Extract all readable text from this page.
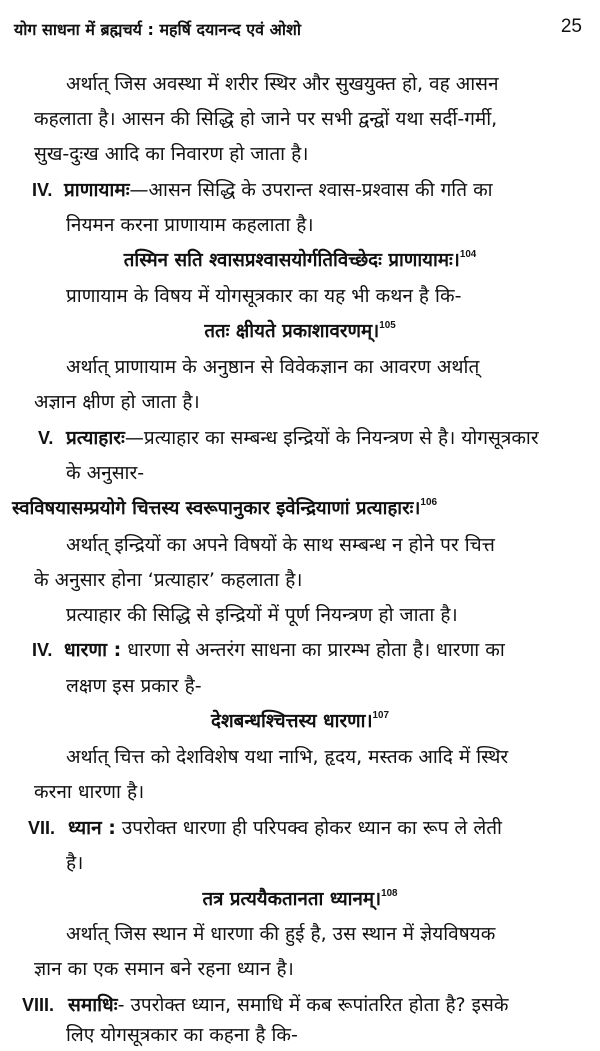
योग साधना में ब्रह्मचर्य : महर्षि दयानन्द एवं ओशो	25
अर्थात् जिस अवस्था में शरीर स्थिर और सुखयुक्त हो, वह आसन
कहलाता है। आसन की सिद्धि हो जाने पर सभी द्वन्द्वों यथा सर्दी-गर्मी,
सुख-दुःख आदि का निवारण हो जाता है।
IV. प्राणायामः—आसन सिद्धि के उपरान्त श्वास-प्रश्वास की गति का
नियमन करना प्राणायाम कहलाता है।
तस्मिन सति श्वासप्रश्वासयोर्गतिविच्छेदः प्राणायामः।$^{104}$
प्राणायाम के विषय में योगसूत्रकार का यह भी कथन है कि-
ततः क्षीयते प्रकाशावरणम्।$^{105}$
अर्थात् प्राणायाम के अनुष्ठान से विवेकज्ञान का आवरण अर्थात्
अज्ञान क्षीण हो जाता है।
V. प्रत्याहारः—प्रत्याहार का सम्बन्ध इन्द्रियों के नियन्त्रण से है। योगसूत्रकार
के अनुसार-
स्वविषयासम्प्रयोगे चित्तस्य स्वरूपानुकार इवेन्द्रियाणां प्रत्याहारः।$^{106}$
अर्थात् इन्द्रियों का अपने विषयों के साथ सम्बन्ध न होने पर चित्त
के अनुसार होना ‘प्रत्याहार’ कहलाता है।
प्रत्याहार की सिद्धि से इन्द्रियों में पूर्ण नियन्त्रण हो जाता है।
IV. धारणा : धारणा से अन्तरंग साधना का प्रारम्भ होता है। धारणा का
लक्षण इस प्रकार है-
देशबन्धश्चित्तस्य धारणा।$^{107}$
अर्थात् चित्त को देशविशेष यथा नाभि, हृदय, मस्तक आदि में स्थिर
करना धारणा है।
VII. ध्यान : उपरोक्त धारणा ही परिपक्व होकर ध्यान का रूप ले लेती
है।
तत्र प्रत्ययैकतानता ध्यानम्।$^{108}$
अर्थात् जिस स्थान में धारणा की हुई है, उस स्थान में ज्ञेयविषयक
ज्ञान का एक समान बने रहना ध्यान है।
VIII. समाधिः- उपरोक्त ध्यान, समाधि में कब रूपांतरित होता है? इसके
लिए योगसूत्रकार का कहना है कि-
